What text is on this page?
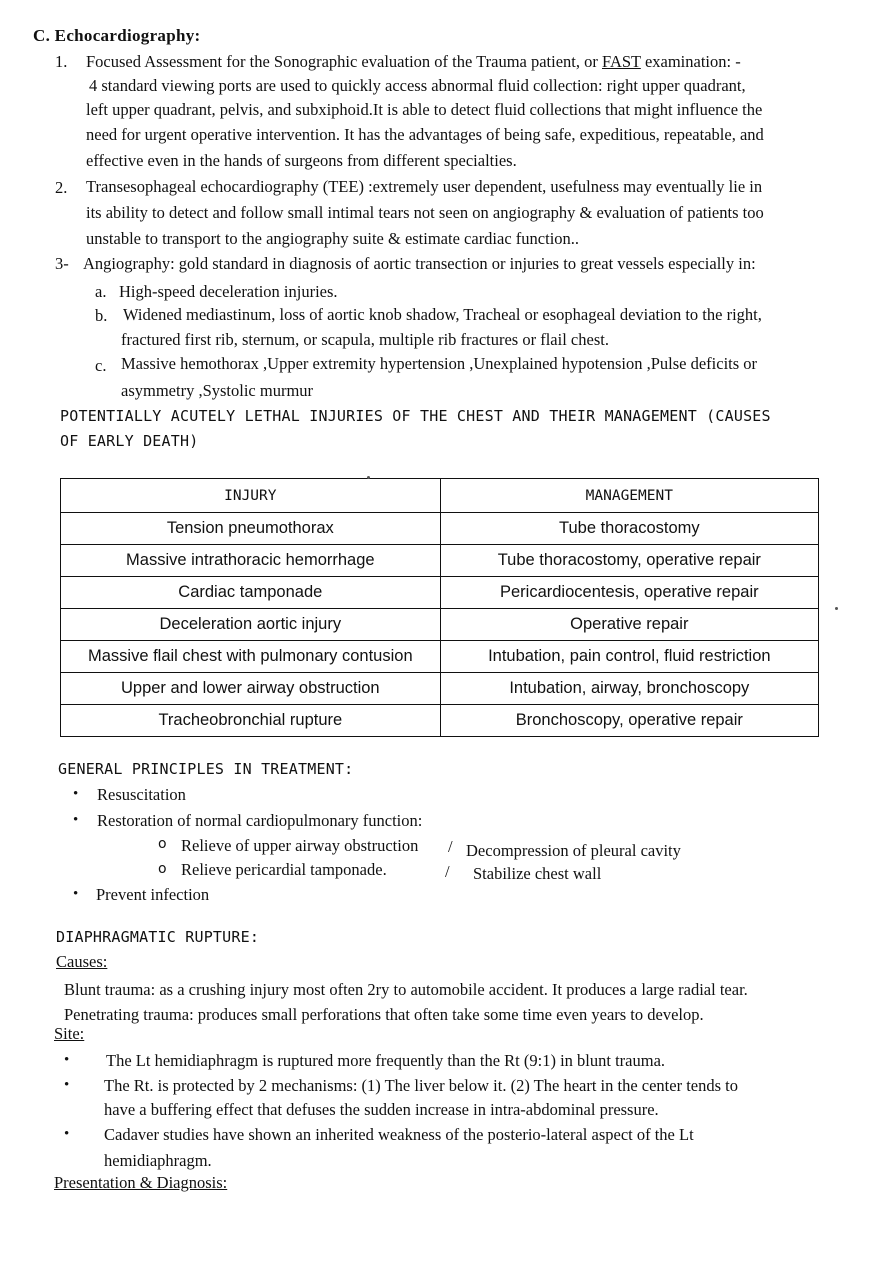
C. Echocardiography:
1. Focused Assessment for the Sonographic evaluation of the Trauma patient, or FAST examination: -
4 standard viewing ports are used to quickly access abnormal fluid collection: right upper quadrant,
left upper quadrant, pelvis, and subxiphoid.It is able to detect fluid collections that might influence the
need for urgent operative intervention. It has the advantages of being safe, expeditious, repeatable, and
effective even in the hands of surgeons from different specialties.
2. Transesophageal echocardiography (TEE) :extremely user dependent, usefulness may eventually lie in
its ability to detect and follow small intimal tears not seen on angiography & evaluation of patients too
unstable to transport to the angiography suite & estimate cardiac function..
3- Angiography: gold standard in diagnosis of aortic transection or injuries to great vessels especially in:
a. High-speed deceleration injuries.
b. Widened mediastinum, loss of aortic knob shadow, Tracheal or esophageal deviation to the right,
fractured first rib, sternum, or scapula, multiple rib fractures or flail chest.
c. Massive hemothorax ,Upper extremity hypertension ,Unexplained hypotension ,Pulse deficits or
asymmetry ,Systolic murmur
POTENTIALLY ACUTELY LETHAL INJURIES OF THE CHEST AND THEIR MANAGEMENT (CAUSES
OF EARLY DEATH)
INJURY	MANAGEMENT
Tension pneumothorax	Tube thoracostomy
Massive intrathoracic hemorrhage	Tube thoracostomy, operative repair
Cardiac tamponade	Pericardiocentesis, operative repair
Deceleration aortic injury	Operative repair
Massive flail chest with pulmonary contusion	Intubation, pain control, fluid restriction
Upper and lower airway obstruction	Intubation, airway, bronchoscopy
Tracheobronchial rupture	Bronchoscopy, operative repair
GENERAL PRINCIPLES IN TREATMENT:
• Resuscitation
• Restoration of normal cardiopulmonary function:
o Relieve of upper airway obstruction / Decompression of pleural cavity
o Relieve pericardial tamponade.	/ Stabilize chest wall
• Prevent infection
DIAPHRAGMATIC RUPTURE:
Causes:
Blunt trauma: as a crushing injury most often 2ry to automobile accident. It produces a large radial tear.
Penetrating trauma: produces small perforations that often take some time even years to develop.
Site:
• The Lt hemidiaphragm is ruptured more frequently than the Rt (9:1) in blunt trauma.
• The Rt. is protected by 2 mechanisms: (1) The liver below it. (2) The heart in the center tends to
have a buffering effect that defuses the sudden increase in intra-abdominal pressure.
• Cadaver studies have shown an inherited weakness of the posterio-lateral aspect of the Lt
hemidiaphragm.
Presentation & Diagnosis:
